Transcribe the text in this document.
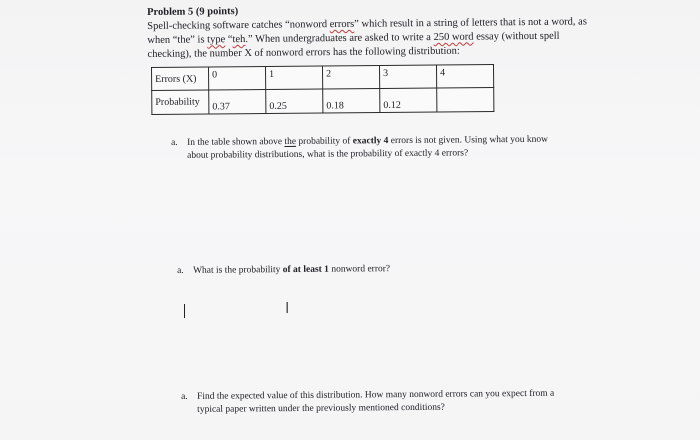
Problem 5 (9 points)
Spell-checking software catches “nonword errors” which result in a string of letters that is not a word, as
when “the” is type “teh.” When undergraduates are asked to write a 250 word essay (without spell
checking), the number X of nonword errors has the following distribution:
Errors (X)	0	1	2	3	4
Probability	0.37	0.25	0.18	0.12	
a. In the table shown above the probability of exactly 4 errors is not given. Using what you know
about probability distributions, what is the probability of exactly 4 errors?
a. What is the probability of at least 1 nonword error?
I
a. Find the expected value of this distribution. How many nonword errors can you expect from a
typical paper written under the previously mentioned conditions?
